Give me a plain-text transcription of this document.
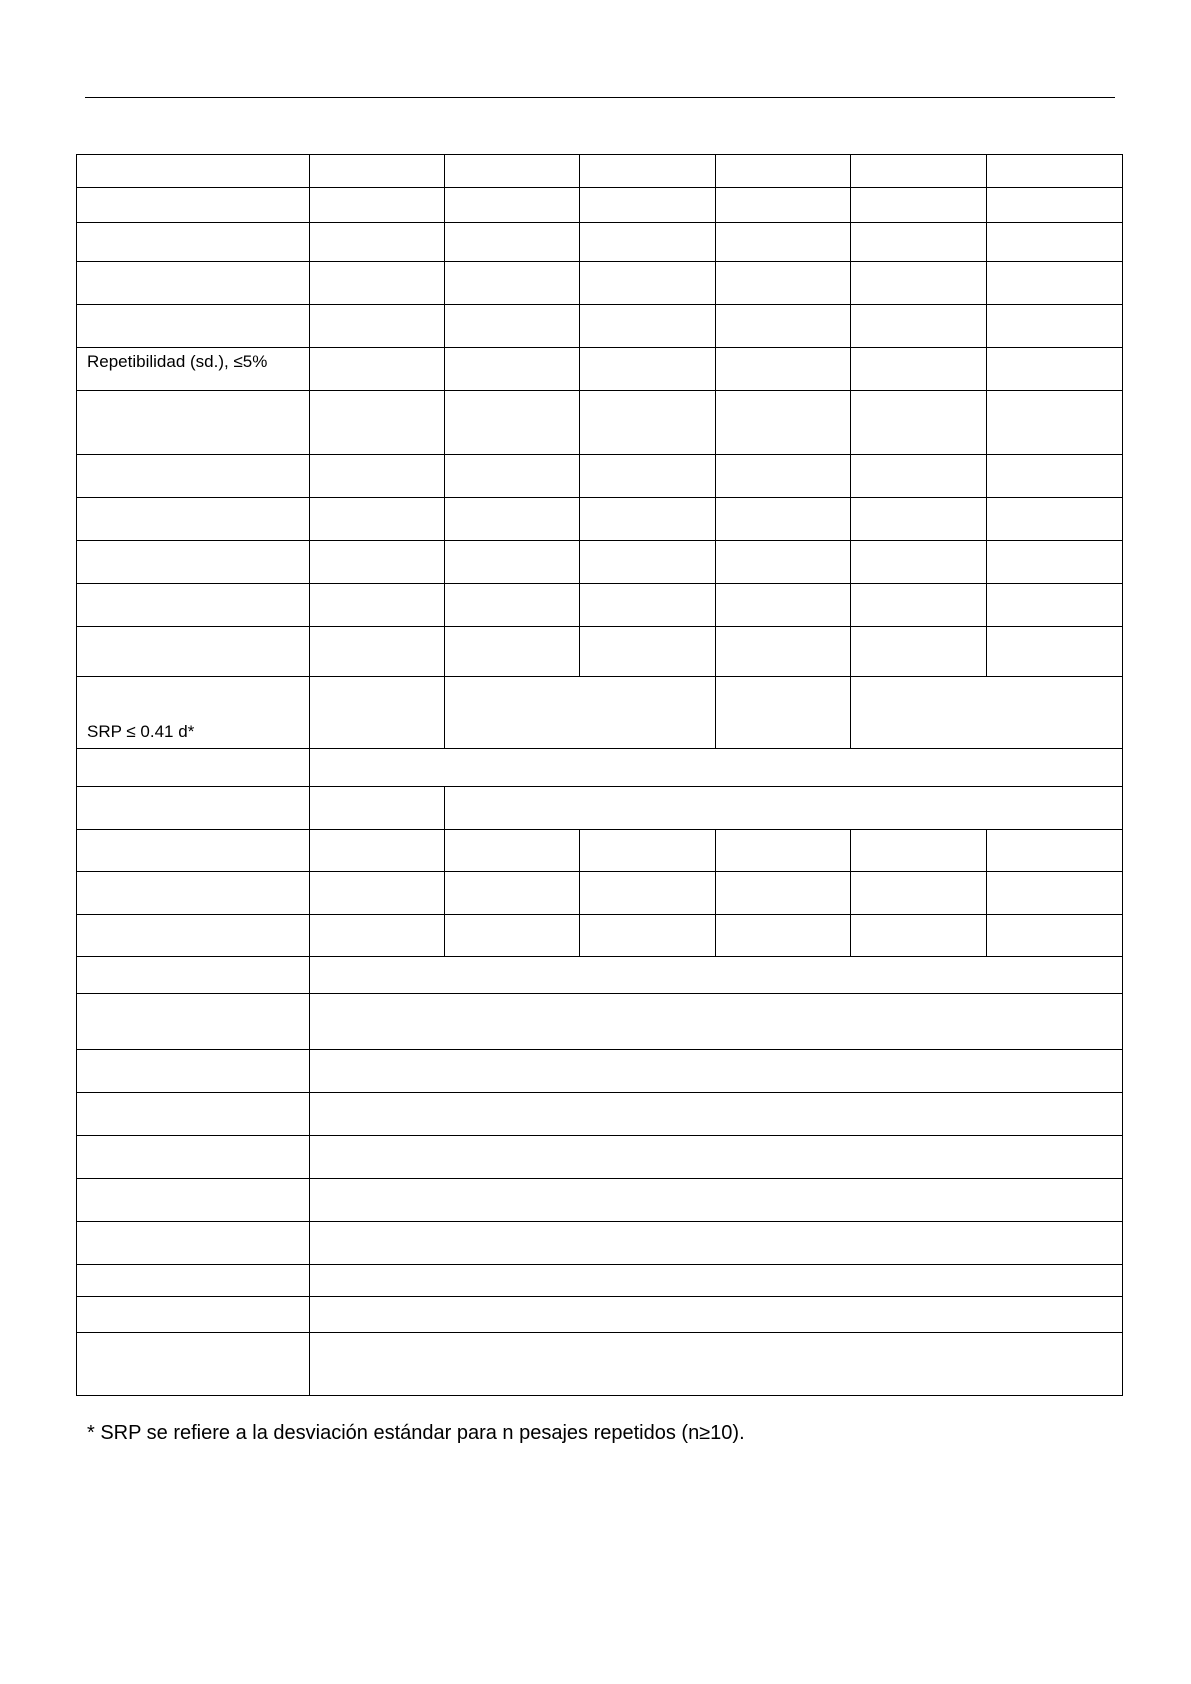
Repetibilidad (sd.), ≤5%						

SRP ≤ 0.41 d*						

* SRP se refiere a la desviación estándar para n pesajes repetidos (n≥10).
